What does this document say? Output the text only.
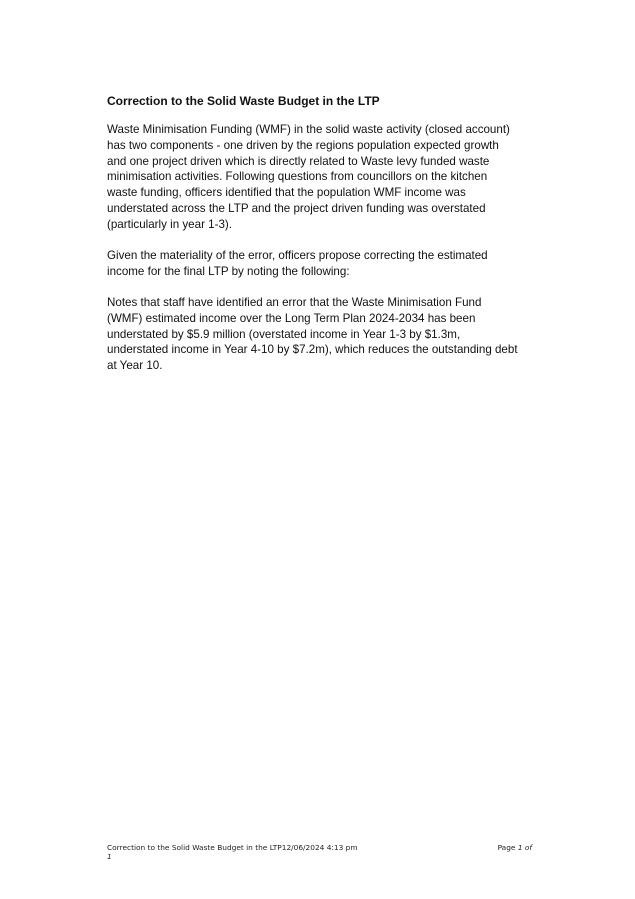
Correction to the Solid Waste Budget in the LTP

Waste Minimisation Funding (WMF) in the solid waste activity (closed account)
has two components - one driven by the regions population expected growth
and one project driven which is directly related to Waste levy funded waste
minimisation activities. Following questions from councillors on the kitchen
waste funding, officers identified that the population WMF income was
understated across the LTP and the project driven funding was overstated
(particularly in year 1-3).

Given the materiality of the error, officers propose correcting the estimated
income for the final LTP by noting the following:

Notes that staff have identified an error that the Waste Minimisation Fund
(WMF) estimated income over the Long Term Plan 2024-2034 has been
understated by $5.9 million (overstated income in Year 1-3 by $1.3m,
understated income in Year 4-10 by $7.2m), which reduces the outstanding debt
at Year 10.

Correction to the Solid Waste Budget in the LTP12/06/2024 4:13 pm	Page 1 of
1
